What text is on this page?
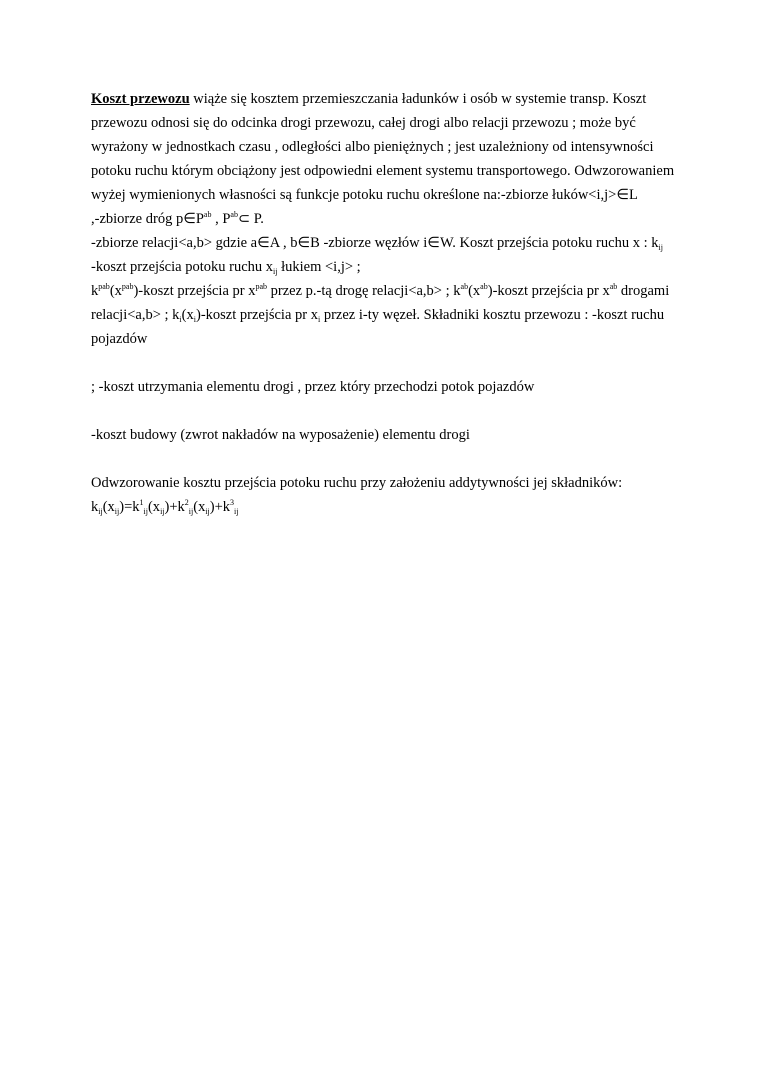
Koszt przewozu wiąże się kosztem przemieszczania ładunków i osób w systemie transp. Koszt
przewozu odnosi się do odcinka drogi przewozu, całej drogi albo relacji przewozu ; może być
wyrażony w jednostkach czasu , odległości albo pieniężnych ; jest uzależniony od intensywności
potoku ruchu którym obciążony jest odpowiedni element systemu transportowego. Odwzorowaniem
wyżej wymienionych własności są funkcje potoku ruchu określone na:-zbiorze łuków<i,j>∈L
,-zbiorze dróg $p\in P^{ab}$ , $P^{ab}\subset$ P.
-zbiorze relacji<a,b> gdzie a∈A , b∈B -zbiorze węzłów i∈W. Koszt przejścia potoku ruchu x : $k_{ij}$
-koszt przejścia potoku ruchu $x_{ij}$ łukiem <i,j> ;
$k^{pab}(x^{pab})$-koszt przejścia pr $x^{pab}$ przez p.-tą drogę relacji<a,b> ; $k^{ab}(x^{ab})$-koszt przejścia pr $x^{ab}$ drogami
relacji<a,b> ; $k_i(x_i)$-koszt przejścia pr $x_i$ przez i-ty węzeł. Składniki kosztu przewozu : -koszt ruchu
pojazdów

; -koszt utrzymania elementu drogi , przez który przechodzi potok pojazdów

-koszt budowy (zwrot nakładów na wyposażenie) elementu drogi

Odwzorowanie kosztu przejścia potoku ruchu przy założeniu addytywności jej składników:
$k_{ij}(x_{ij})=k^1_{ij}(x_{ij})+k^2_{ij}(x_{ij})+k^3_{ij}$
